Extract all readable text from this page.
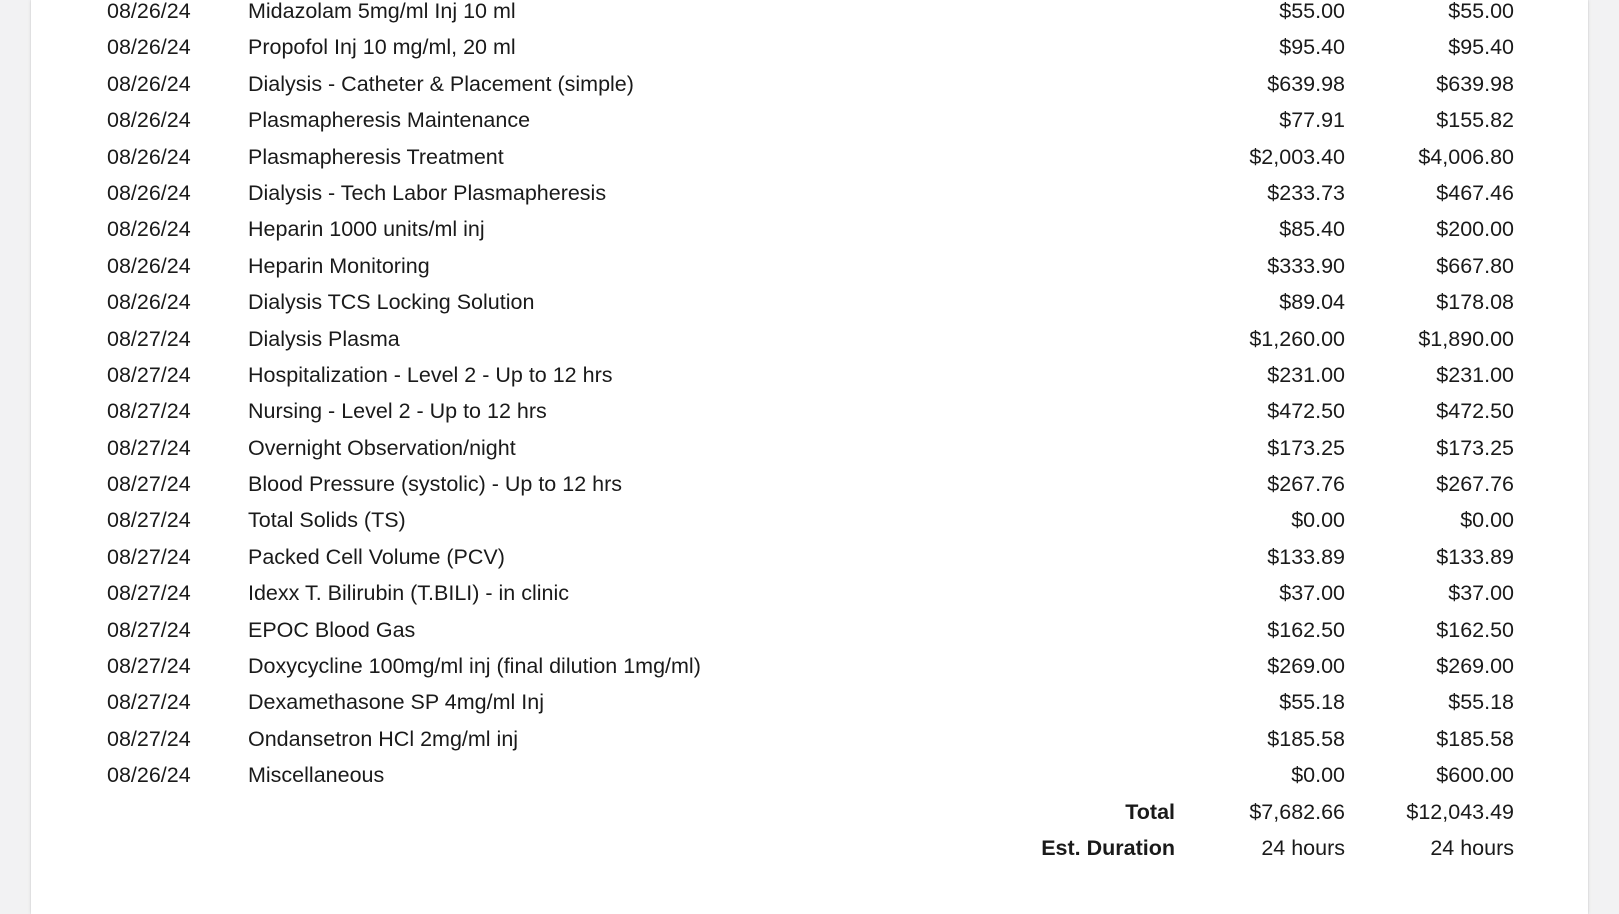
08/26/24	Midazolam 5mg/ml Inj 10 ml	$55.00	$55.00
08/26/24	Propofol Inj 10 mg/ml, 20 ml	$95.40	$95.40
08/26/24	Dialysis - Catheter & Placement (simple)	$639.98	$639.98
08/26/24	Plasmapheresis Maintenance	$77.91	$155.82
08/26/24	Plasmapheresis Treatment	$2,003.40	$4,006.80
08/26/24	Dialysis - Tech Labor Plasmapheresis	$233.73	$467.46
08/26/24	Heparin 1000 units/ml inj	$85.40	$200.00
08/26/24	Heparin Monitoring	$333.90	$667.80
08/26/24	Dialysis TCS Locking Solution	$89.04	$178.08
08/27/24	Dialysis Plasma	$1,260.00	$1,890.00
08/27/24	Hospitalization - Level 2 - Up to 12 hrs	$231.00	$231.00
08/27/24	Nursing - Level 2 - Up to 12 hrs	$472.50	$472.50
08/27/24	Overnight Observation/night	$173.25	$173.25
08/27/24	Blood Pressure (systolic) - Up to 12 hrs	$267.76	$267.76
08/27/24	Total Solids (TS)	$0.00	$0.00
08/27/24	Packed Cell Volume (PCV)	$133.89	$133.89
08/27/24	Idexx T. Bilirubin (T.BILI) - in clinic	$37.00	$37.00
08/27/24	EPOC Blood Gas	$162.50	$162.50
08/27/24	Doxycycline 100mg/ml inj (final dilution 1mg/ml)	$269.00	$269.00
08/27/24	Dexamethasone SP 4mg/ml Inj	$55.18	$55.18
08/27/24	Ondansetron HCl 2mg/ml inj	$185.58	$185.58
08/26/24	Miscellaneous	$0.00	$600.00
Total	$7,682.66	$12,043.49
Est. Duration	24 hours	24 hours
